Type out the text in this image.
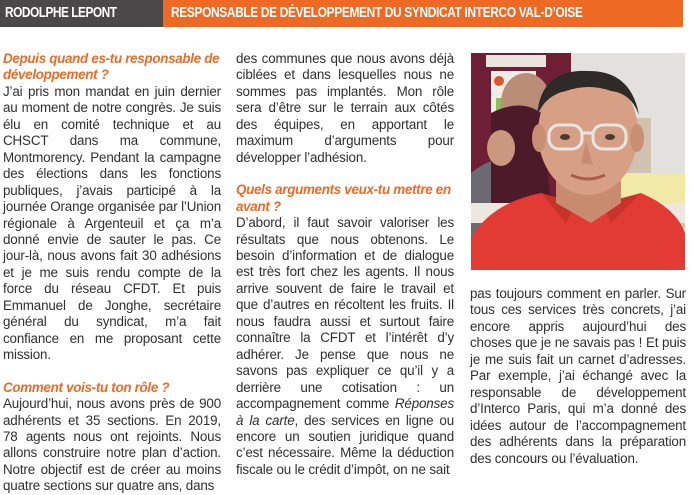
RODOLPHE LEPONT	RESPONSABLE DE DÉVELOPPEMENT DU SYNDICAT INTERCO VAL-D’OISE

Depuis quand es-tu responsable de développement ?

J’ai pris mon mandat en juin dernier au moment de notre congrès. Je suis élu en comité technique et au CHSCT dans ma commune, Montmorency. Pendant la campagne des élections dans les fonctions publiques, j’avais participé à la journée Orange organisée par l’Union régionale à Argenteuil et ça m’a donné envie de sauter le pas. Ce jour-là, nous avons fait 30 adhésions et je me suis rendu compte de la force du réseau CFDT. Et puis Emmanuel de Jonghe, secrétaire général du syndicat, m’a fait confiance en me proposant cette mission.

Comment vois-tu ton rôle ?

Aujourd’hui, nous avons près de 900 adhérents et 35 sections. En 2019, 78 agents nous ont rejoints. Nous allons construire notre plan d’action. Notre objectif est de créer au moins quatre sections sur quatre ans, dans

des communes que nous avons déjà ciblées et dans lesquelles nous ne sommes pas implantés. Mon rôle sera d’être sur le terrain aux côtés des équipes, en apportant le maximum d’arguments pour développer l’adhésion.

Quels arguments veux-tu mettre en avant ?

D’abord, il faut savoir valoriser les résultats que nous obtenons. Le besoin d’information et de dialogue est très fort chez les agents. Il nous arrive souvent de faire le travail et que d’autres en récoltent les fruits. Il nous faudra aussi et surtout faire connaître la CFDT et l’intérêt d’y adhérer. Je pense que nous ne savons pas expliquer ce qu’il y a derrière une cotisation : un accompagnement comme Réponses à la carte, des services en ligne ou encore un soutien juridique quand c’est nécessaire. Même la déduction fiscale ou le crédit d’impôt, on ne sait

pas toujours comment en parler. Sur tous ces services très concrets, j’ai encore appris aujourd’hui des choses que je ne savais pas ! Et puis je me suis fait un carnet d’adresses. Par exemple, j’ai échangé avec la responsable de développement d’Interco Paris, qui m’a donné des idées autour de l’accompagnement des adhérents dans la préparation des concours ou l’évaluation.
